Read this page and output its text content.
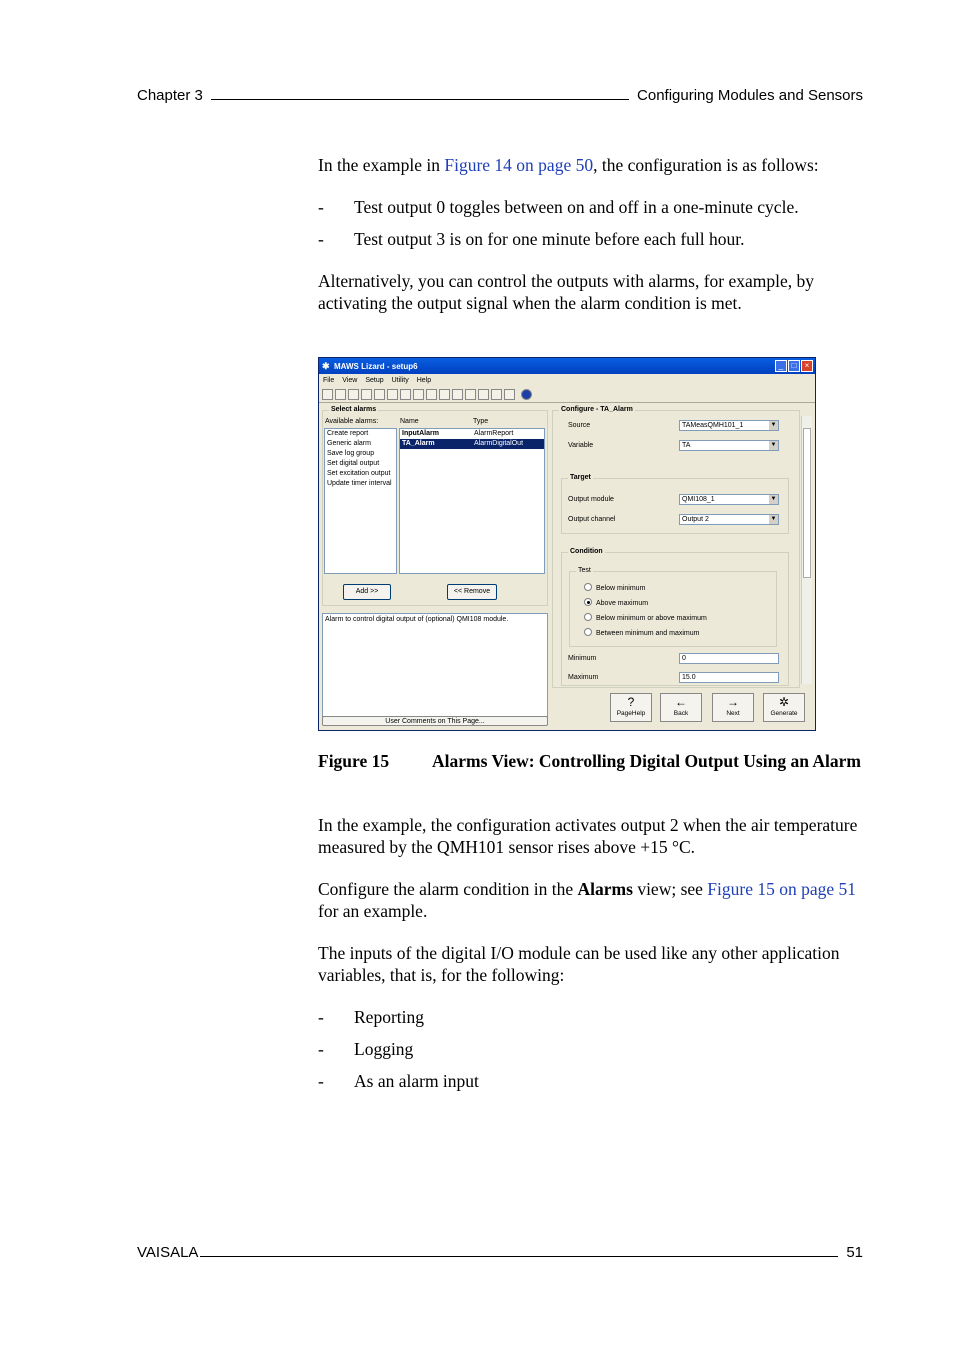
Chapter 3	Configuring Modules and Sensors
In the example in Figure 14 on page 50, the configuration is as follows:
- Test output 0 toggles between on and off in a one-minute cycle.
- Test output 3 is on for one minute before each full hour.
Alternatively, you can control the outputs with alarms, for example, by activating the output signal when the alarm condition is met.
✱ MAWS Lizard - setup6	_	□	×
File View Setup Utility Help
Select alarms
Available alarms:	Name	Type
Create report
Generic alarm
Save log group
Set digital output
Set excitation output
Update timer interval
InputAlarm	AlarmReport
TA_Alarm	AlarmDigitalOut
Add >>	<< Remove
Alarm to control digital output of (optional) QMI108 module.
User Comments on This Page...
Configure - TA_Alarm
Source	TAMeasQMH101_1	▼
Variable	TA	▼
Target
Output module	QMI108_1	▼
Output channel	Output 2	▼
Condition
Test
Below minimum
Above maximum
Below minimum or above maximum
Between minimum and maximum
Minimum	0
Maximum	15.0
?
PageHelp
←
Back
→
Next
✲
Generate
Figure 15 Alarms View: Controlling Digital Output Using an Alarm
In the example, the configuration activates output 2 when the air temperature measured by the QMH101 sensor rises above +15 °C.
Configure the alarm condition in the Alarms view; see Figure 15 on page 51 for an example.
The inputs of the digital I/O module can be used like any other application variables, that is, for the following:
- Reporting
- Logging
- As an alarm input
VAISALA	51
